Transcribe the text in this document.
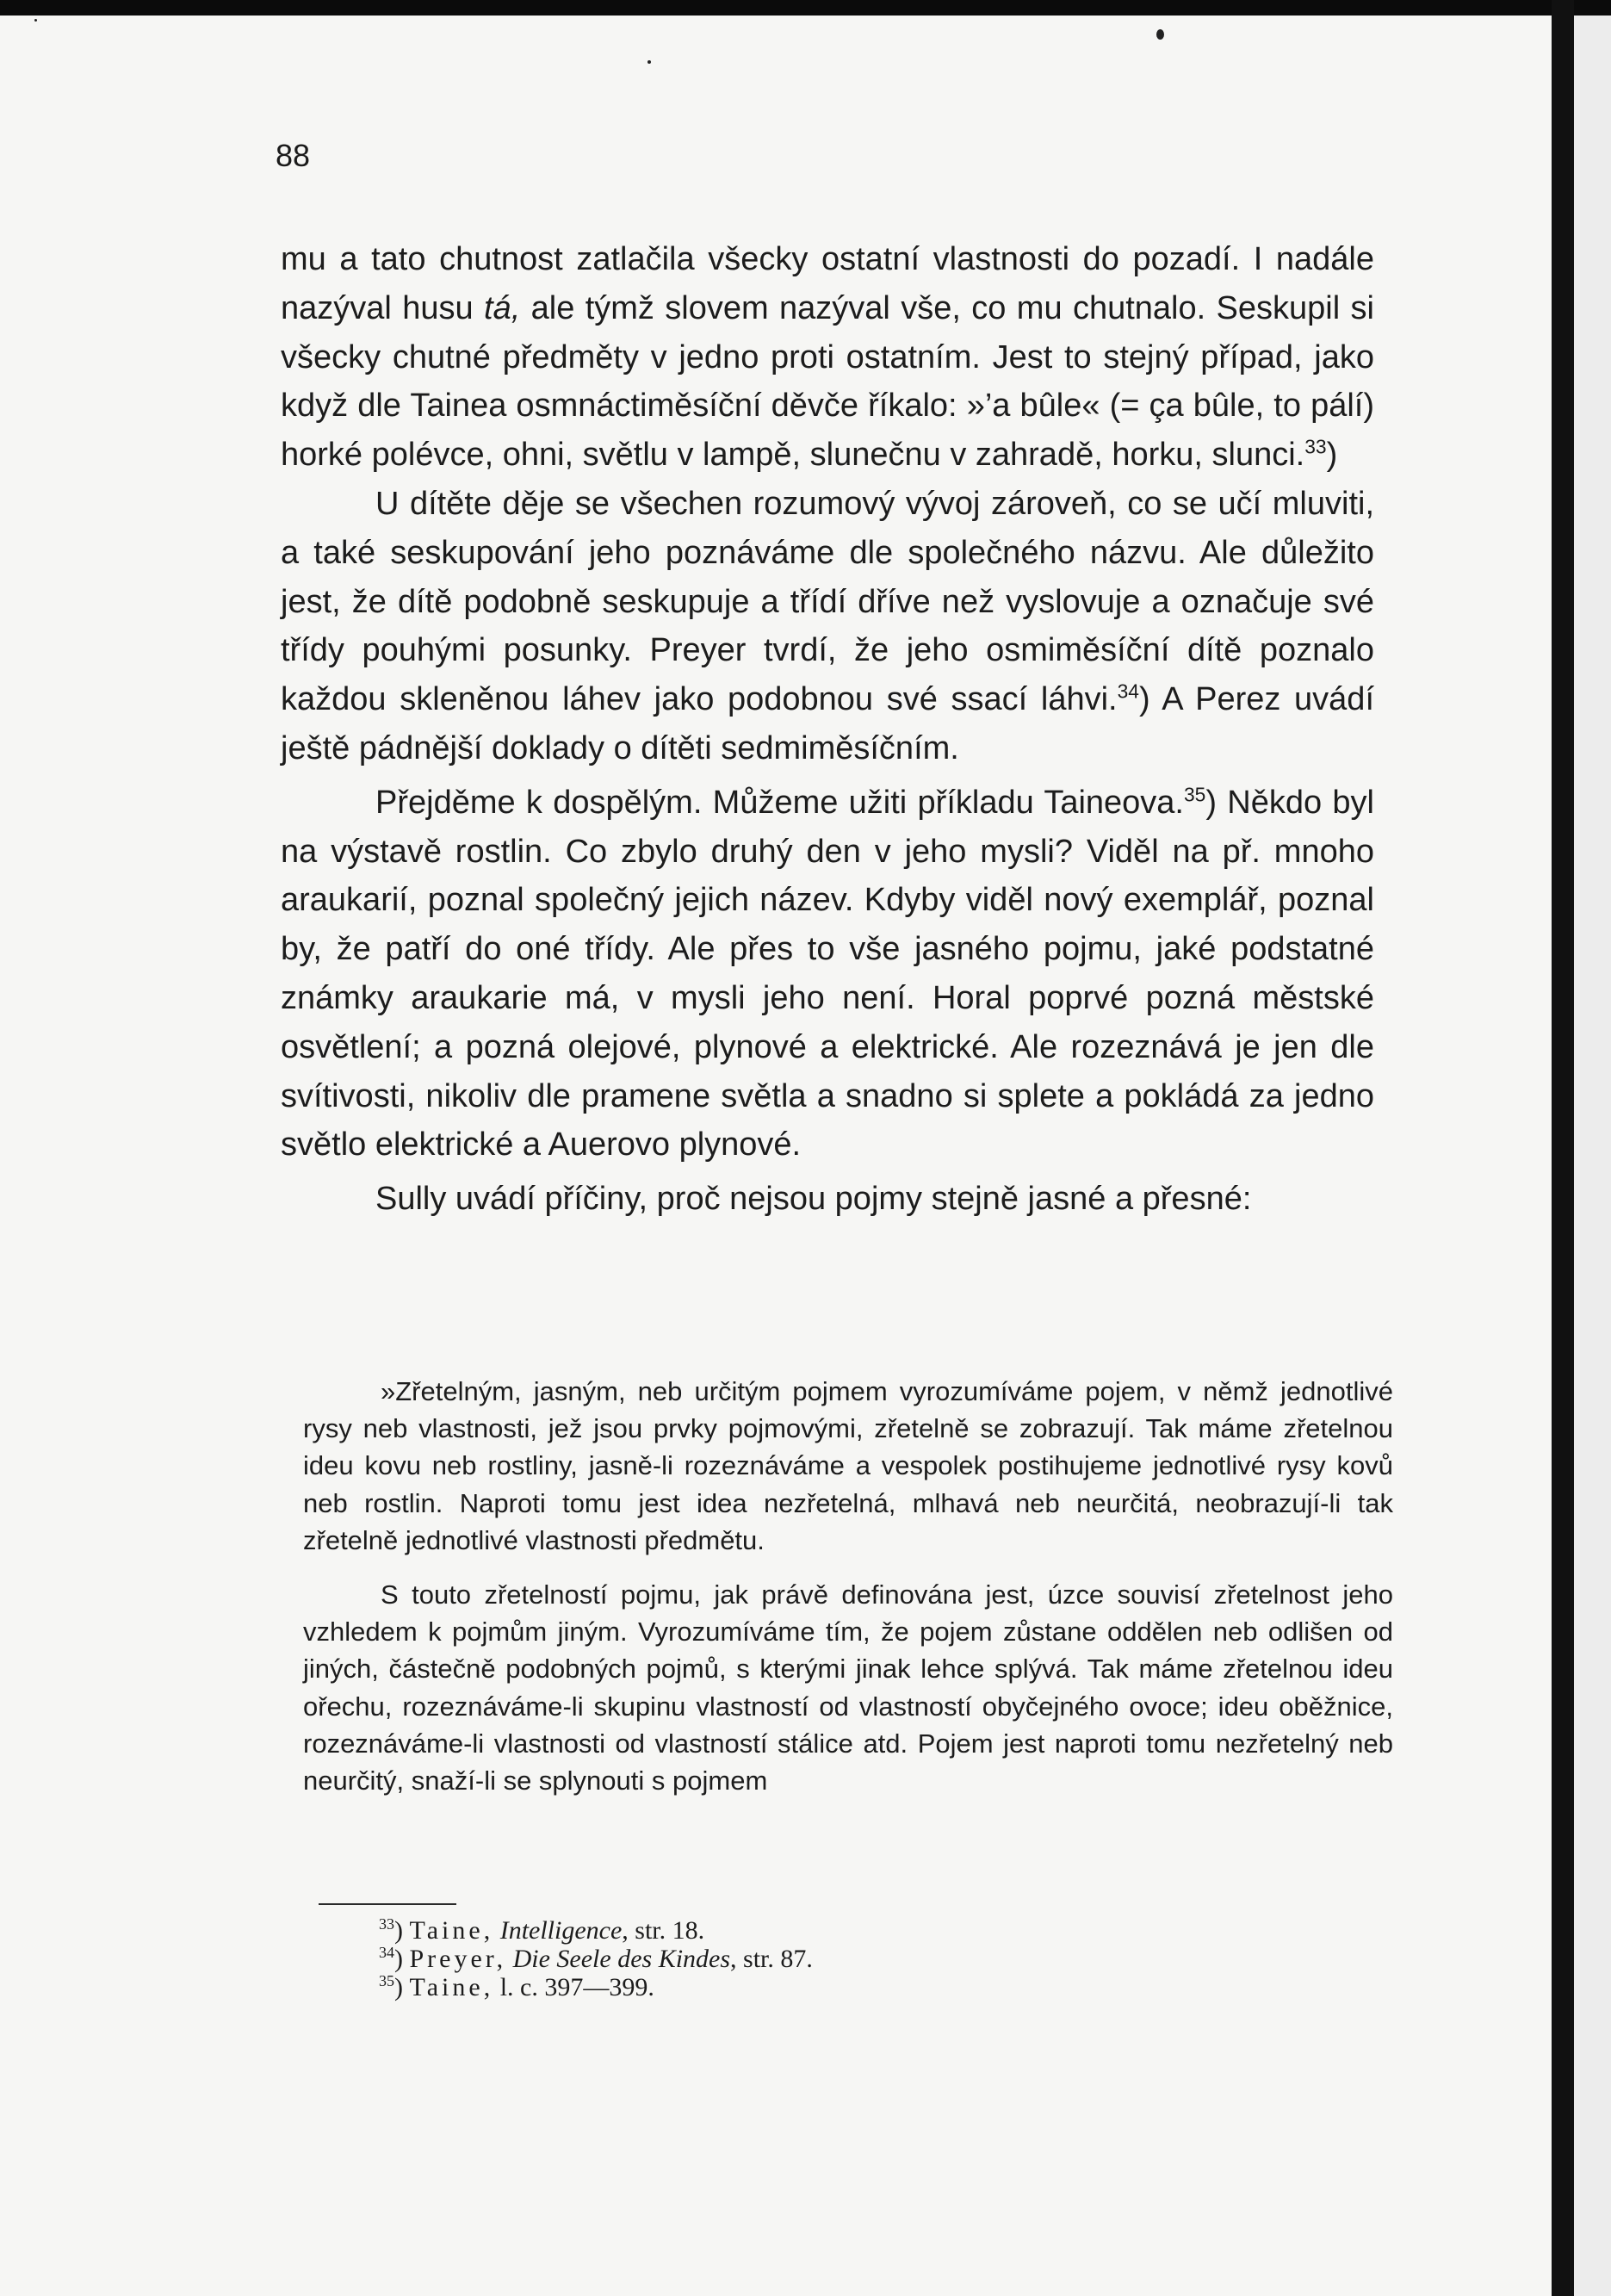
88

mu a tato chutnost zatlačila všecky ostatní vlastnosti do pozadí. I nadále nazýval husu tá, ale týmž slovem nazýval vše, co mu chutnalo. Seskupil si všecky chutné předměty v jedno proti ostatním. Jest to stejný případ, jako když dle Tainea osmnáctiměsíční děvče říkalo: »’a bûle« (= ça bûle, to pálí) horké polévce, ohni, světlu v lampě, slunečnu v zahradě, horku, slunci.$^{33}$)

U dítěte děje se všechen rozumový vývoj zároveň, co se učí mluviti, a také seskupování jeho poznáváme dle společného názvu. Ale důležito jest, že dítě podobně seskupuje a třídí dříve než vyslovuje a označuje své třídy pouhými posunky. Preyer tvrdí, že jeho osmiměsíční dítě poznalo každou skleněnou láhev jako podobnou své ssací láhvi.$^{34}$) A Perez uvádí ještě pádnější doklady o dítěti sedmiměsíčním.

Přejděme k dospělým. Můžeme užiti příkladu Taineova.$^{35}$) Někdo byl na výstavě rostlin. Co zbylo druhý den v jeho mysli? Viděl na př. mnoho araukarií, poznal společný jejich název. Kdyby viděl nový exemplář, poznal by, že patří do oné třídy. Ale přes to vše jasného pojmu, jaké podstatné známky araukarie má, v mysli jeho není. Horal poprvé pozná městské osvětlení; a pozná olejové, plynové a elektrické. Ale rozeznává je jen dle svítivosti, nikoliv dle pramene světla a snadno si splete a pokládá za jedno světlo elektrické a Auerovo plynové.

Sully uvádí příčiny, proč nejsou pojmy stejně jasné a přesné:

»Zřetelným, jasným, neb určitým pojmem vyrozumíváme pojem, v němž jednotlivé rysy neb vlastnosti, jež jsou prvky pojmovými, zřetelně se zobrazují. Tak máme zřetelnou ideu kovu neb rostliny, jasně-li rozeznáváme a vespolek postihujeme jednotlivé rysy kovů neb rostlin. Naproti tomu jest idea nezřetelná, mlhavá neb neurčitá, neobrazují-li tak zřetelně jednotlivé vlastnosti předmětu.

S touto zřetelností pojmu, jak právě definována jest, úzce souvisí zřetelnost jeho vzhledem k pojmům jiným. Vyrozumíváme tím, že pojem zůstane oddělen neb odlišen od jiných, částečně podobných pojmů, s kterými jinak lehce splývá. Tak máme zřetelnou ideu ořechu, rozeznáváme-li skupinu vlastností od vlastností obyčejného ovoce; ideu oběžnice, rozeznáváme-li vlastnosti od vlastností stálice atd. Pojem jest naproti tomu nezřetelný neb neurčitý, snaží-li se splynouti s pojmem

$^{33}$) Taine, Intelligence, str. 18.
$^{34}$) Preyer, Die Seele des Kindes, str. 87.
$^{35}$) Taine, l. c. 397—399.
